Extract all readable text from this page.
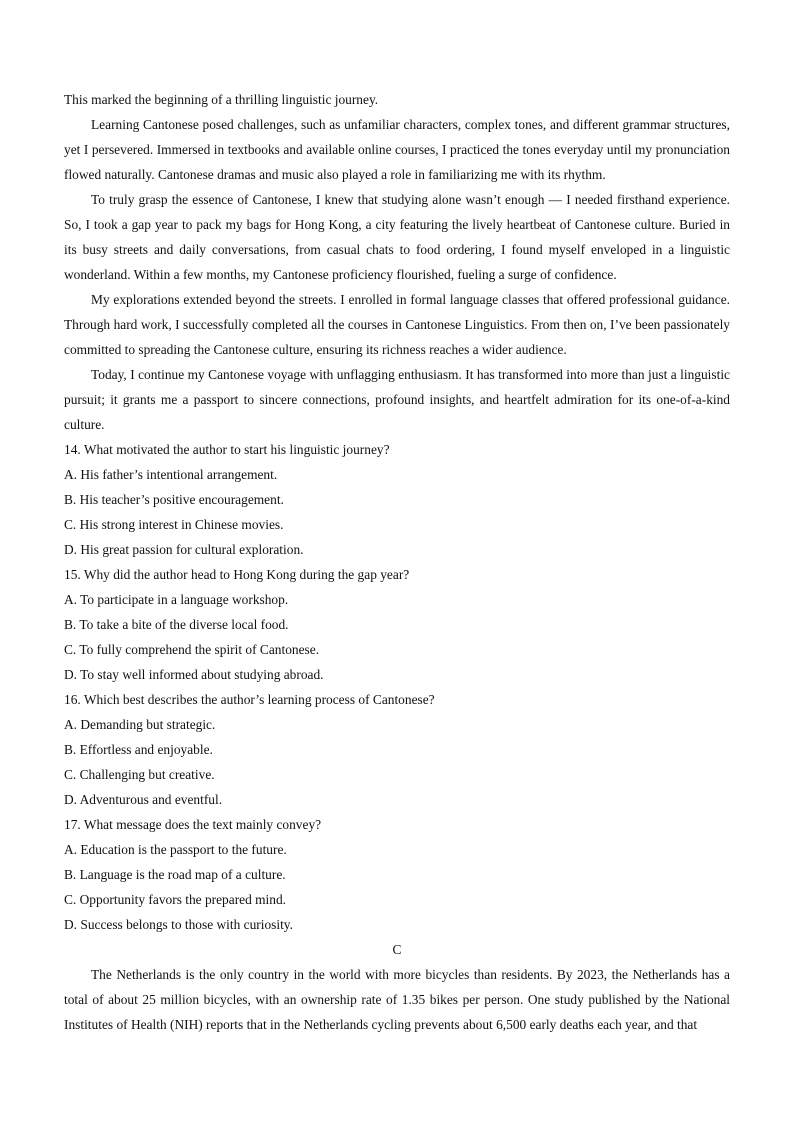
This marked the beginning of a thrilling linguistic journey.

Learning Cantonese posed challenges, such as unfamiliar characters, complex tones, and different grammar structures, yet I persevered. Immersed in textbooks and available online courses, I practiced the tones everyday until my pronunciation flowed naturally. Cantonese dramas and music also played a role in familiarizing me with its rhythm.

To truly grasp the essence of Cantonese, I knew that studying alone wasn’t enough — I needed firsthand experience. So, I took a gap year to pack my bags for Hong Kong, a city featuring the lively heartbeat of Cantonese culture. Buried in its busy streets and daily conversations, from casual chats to food ordering, I found myself enveloped in a linguistic wonderland. Within a few months, my Cantonese proficiency flourished, fueling a surge of confidence.

My explorations extended beyond the streets. I enrolled in formal language classes that offered professional guidance. Through hard work, I successfully completed all the courses in Cantonese Linguistics. From then on, I’ve been passionately committed to spreading the Cantonese culture, ensuring its richness reaches a wider audience.

Today, I continue my Cantonese voyage with unflagging enthusiasm. It has transformed into more than just a linguistic pursuit; it grants me a passport to sincere connections, profound insights, and heartfelt admiration for its one-of-a-kind culture.

14. What motivated the author to start his linguistic journey?

A. His father’s intentional arrangement.

B. His teacher’s positive encouragement.

C. His strong interest in Chinese movies.

D. His great passion for cultural exploration.

15. Why did the author head to Hong Kong during the gap year?

A. To participate in a language workshop.

B. To take a bite of the diverse local food.

C. To fully comprehend the spirit of Cantonese.

D. To stay well informed about studying abroad.

16. Which best describes the author’s learning process of Cantonese?

A. Demanding but strategic.

B. Effortless and enjoyable.

C. Challenging but creative.

D. Adventurous and eventful.

17. What message does the text mainly convey?

A. Education is the passport to the future.

B. Language is the road map of a culture.

C. Opportunity favors the prepared mind.

D. Success belongs to those with curiosity.

C

The Netherlands is the only country in the world with more bicycles than residents. By 2023, the Netherlands has a total of about 25 million bicycles, with an ownership rate of 1.35 bikes per person. One study published by the National Institutes of Health (NIH) reports that in the Netherlands cycling prevents about 6,500 early deaths each year, and that
